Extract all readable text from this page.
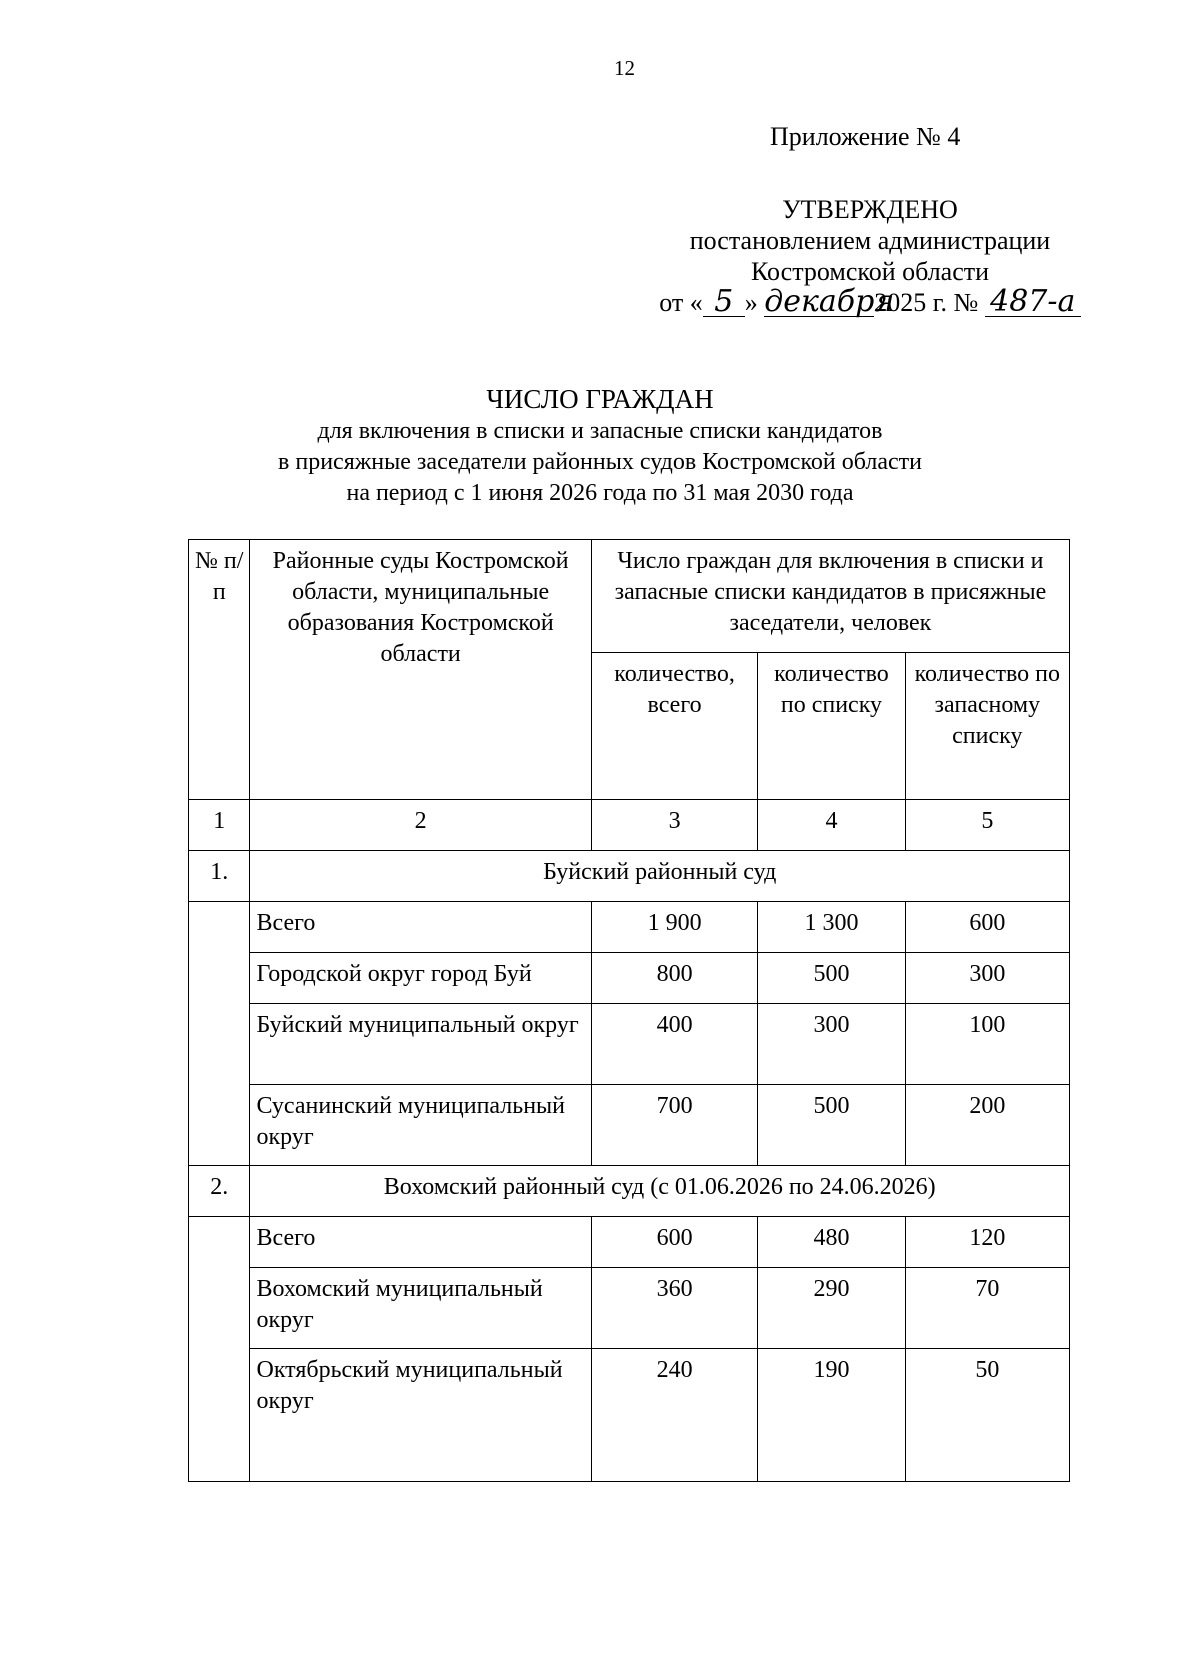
12
Приложение № 4
УТВЕРЖДЕНО
постановлением администрации
Костромской области
от « 5 » декабря2025 г. № 487-а
ЧИСЛО ГРАЖДАН
для включения в списки и запасные списки кандидатов
в присяжные заседатели районных судов Костромской области
на период с 1 июня 2026 года по 31 мая 2030 года
№ п/п	Районные суды Костромской области, муниципальные образования Костромской области	Число граждан для включения в списки и запасные списки кандидатов в присяжные заседатели, человек		
		количество, всего	количество по списку	количество по запасному списку
1	2	3	4	5
1.	Буйский районный суд			
	Всего	1 900	1 300	600
	Городской округ город Буй	800	500	300
	Буйский муниципальный округ	400	300	100
	Сусанинский муниципальный округ	700	500	200
2.	Вохомский районный суд (с 01.06.2026 по 24.06.2026)			
	Всего	600	480	120
	Вохомский муниципальный округ	360	290	70
	Октябрьский муниципальный округ	240	190	50
